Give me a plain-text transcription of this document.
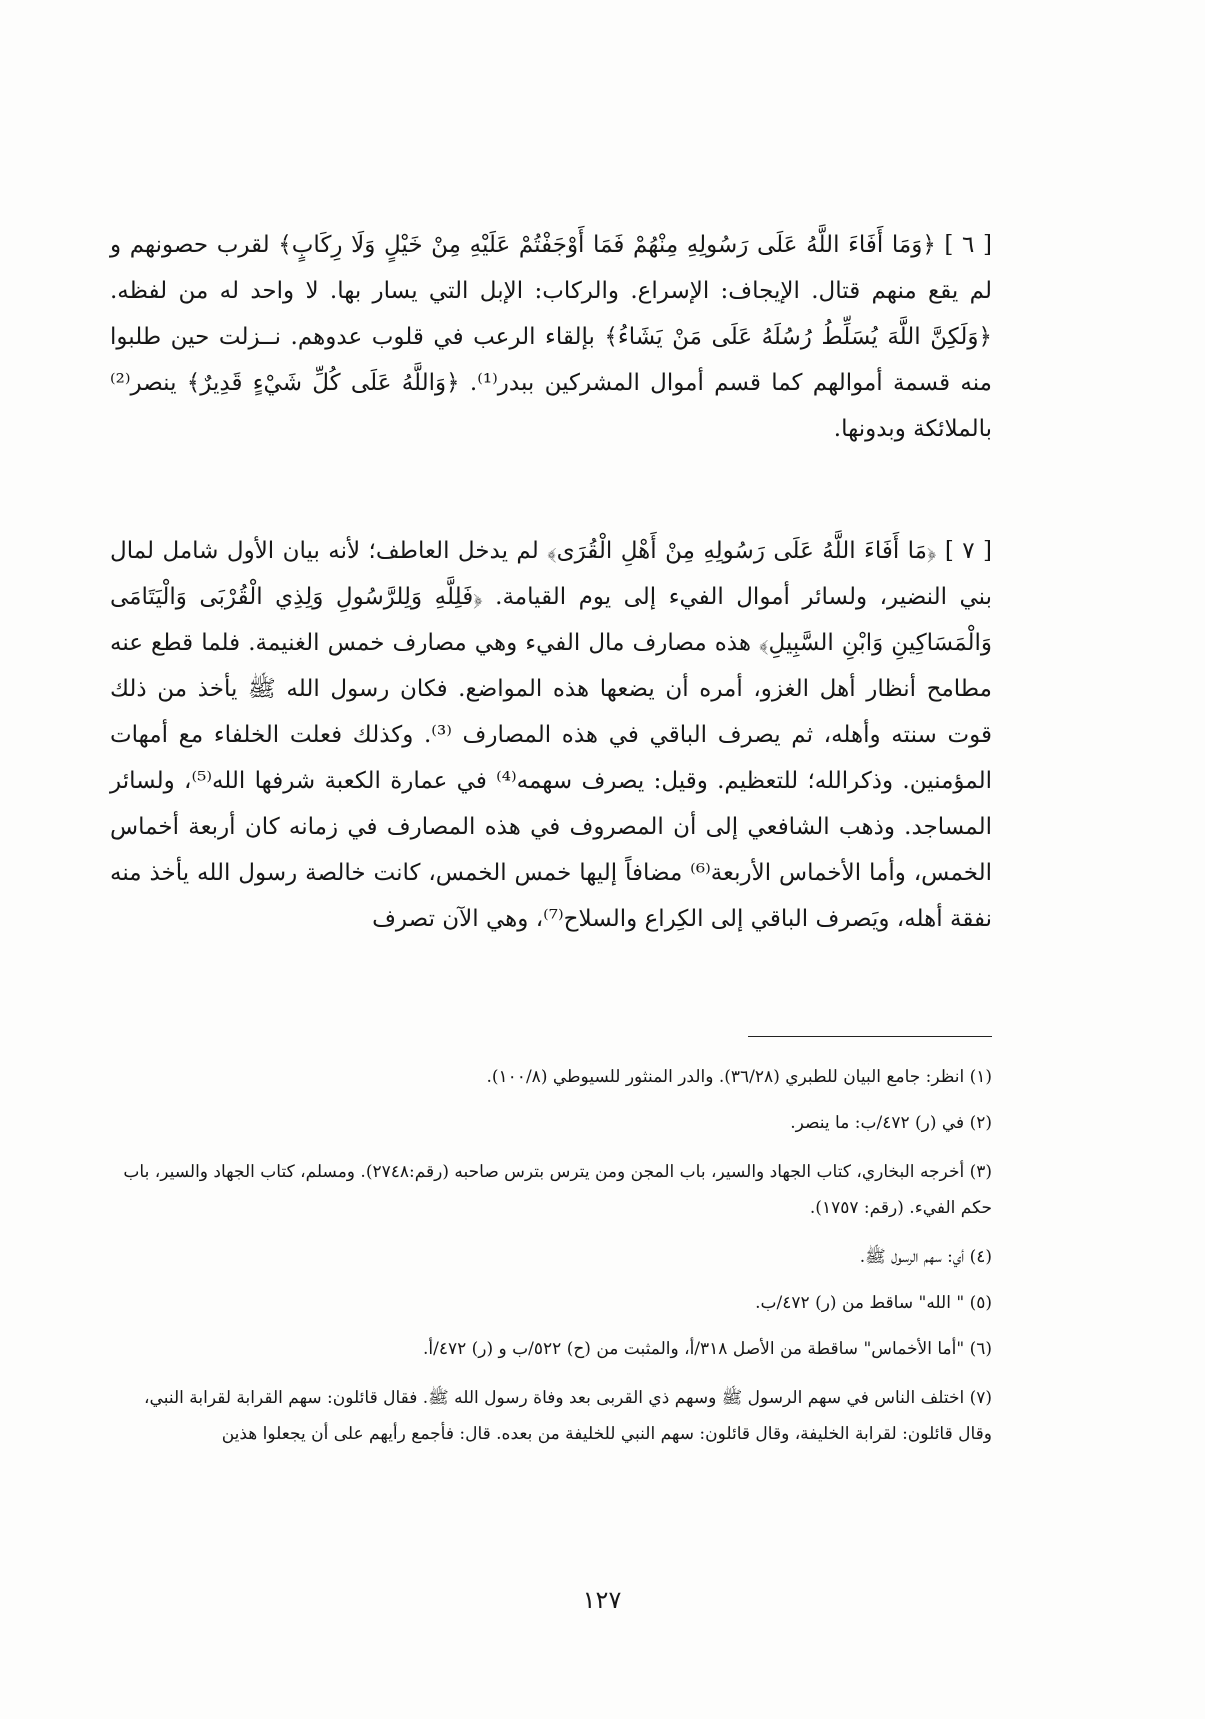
[ ٦ ] ﴿وَمَا أَفَاءَ اللَّهُ عَلَى رَسُولِهِ مِنْهُمْ فَمَا أَوْجَفْتُمْ عَلَيْهِ مِنْ خَيْلٍ وَلَا رِكَابٍ﴾ لقرب حصونهم و لم يقع منهم قتال. الإيجاف: الإسراع. والركاب: الإبل التي يسار بها. لا واحد له من لفظه. ﴿وَلَكِنَّ اللَّهَ يُسَلِّطُ رُسُلَهُ عَلَى مَنْ يَشَاءُ﴾ بإلقاء الرعب في قلوب عدوهم. نــزلت حين طلبوا منه قسمة أموالهم كما قسم أموال المشركين ببدر⁽¹⁾. ﴿وَاللَّهُ عَلَى كُلِّ شَيْءٍ قَدِيرٌ﴾ ينصر⁽²⁾ بالملائكة وبدونها.

[ ٧ ] ﴿مَا أَفَاءَ اللَّهُ عَلَى رَسُولِهِ مِنْ أَهْلِ الْقُرَى﴾ لم يدخل العاطف؛ لأنه بيان الأول شامل لمال بني النضير، ولسائر أموال الفيء إلى يوم القيامة. ﴿فَلِلَّهِ وَلِلرَّسُولِ وَلِذِي الْقُرْبَى وَالْيَتَامَى وَالْمَسَاكِينِ وَابْنِ السَّبِيلِ﴾ هذه مصارف مال الفيء وهي مصارف خمس الغنيمة. فلما قطع عنه مطامح أنظار أهل الغزو، أمره أن يضعها هذه المواضع. فكان رسول الله ﷺ يأخذ من ذلك قوت سنته وأهله، ثم يصرف الباقي في هذه المصارف ⁽³⁾. وكذلك فعلت الخلفاء مع أمهات المؤمنين. وذكرالله؛ للتعظيم. وقيل: يصرف سهمه⁽⁴⁾ في عمارة الكعبة شرفها الله⁽⁵⁾، ولسائر المساجد. وذهب الشافعي إلى أن المصروف في هذه المصارف في زمانه كان أربعة أخماس الخمس، وأما الأخماس الأربعة⁽⁶⁾ مضافاً إليها خمس الخمس، كانت خالصة رسول الله يأخذ منه نفقة أهله، ويَصرف الباقي إلى الكِراع والسلاح⁽⁷⁾، وهي الآن تصرف

(١) انظر: جامع البيان للطبري (٣٦/٢٨). والدر المنثور للسيوطي (١٠٠/٨).

(٢) في (ر) ٤٧٢/ب: ما ينصر.

(٣) أخرجه البخاري، كتاب الجهاد والسير، باب المجن ومن يترس بترس صاحبه (رقم:٢٧٤٨). ومسلم، كتاب الجهاد والسير، باب حكم الفيء. (رقم: ١٧٥٧).

(٤) أي: سهم الرسول ﷺ.

(٥) " الله" ساقط من (ر) ٤٧٢/ب.

(٦) "أما الأخماس" ساقطة من الأصل ٣١٨/أ، والمثبت من (ح) ٥٢٢/ب و (ر) ٤٧٢/أ.

(٧) اختلف الناس في سهم الرسول ﷺ وسهم ذي القربى بعد وفاة رسول الله ﷺ. فقال قائلون: سهم القرابة لقرابة النبي، وقال قائلون: لقرابة الخليفة، وقال قائلون: سهم النبي للخليفة من بعده. قال: فأجمع رأيهم على أن يجعلوا هذين

١٢٧
